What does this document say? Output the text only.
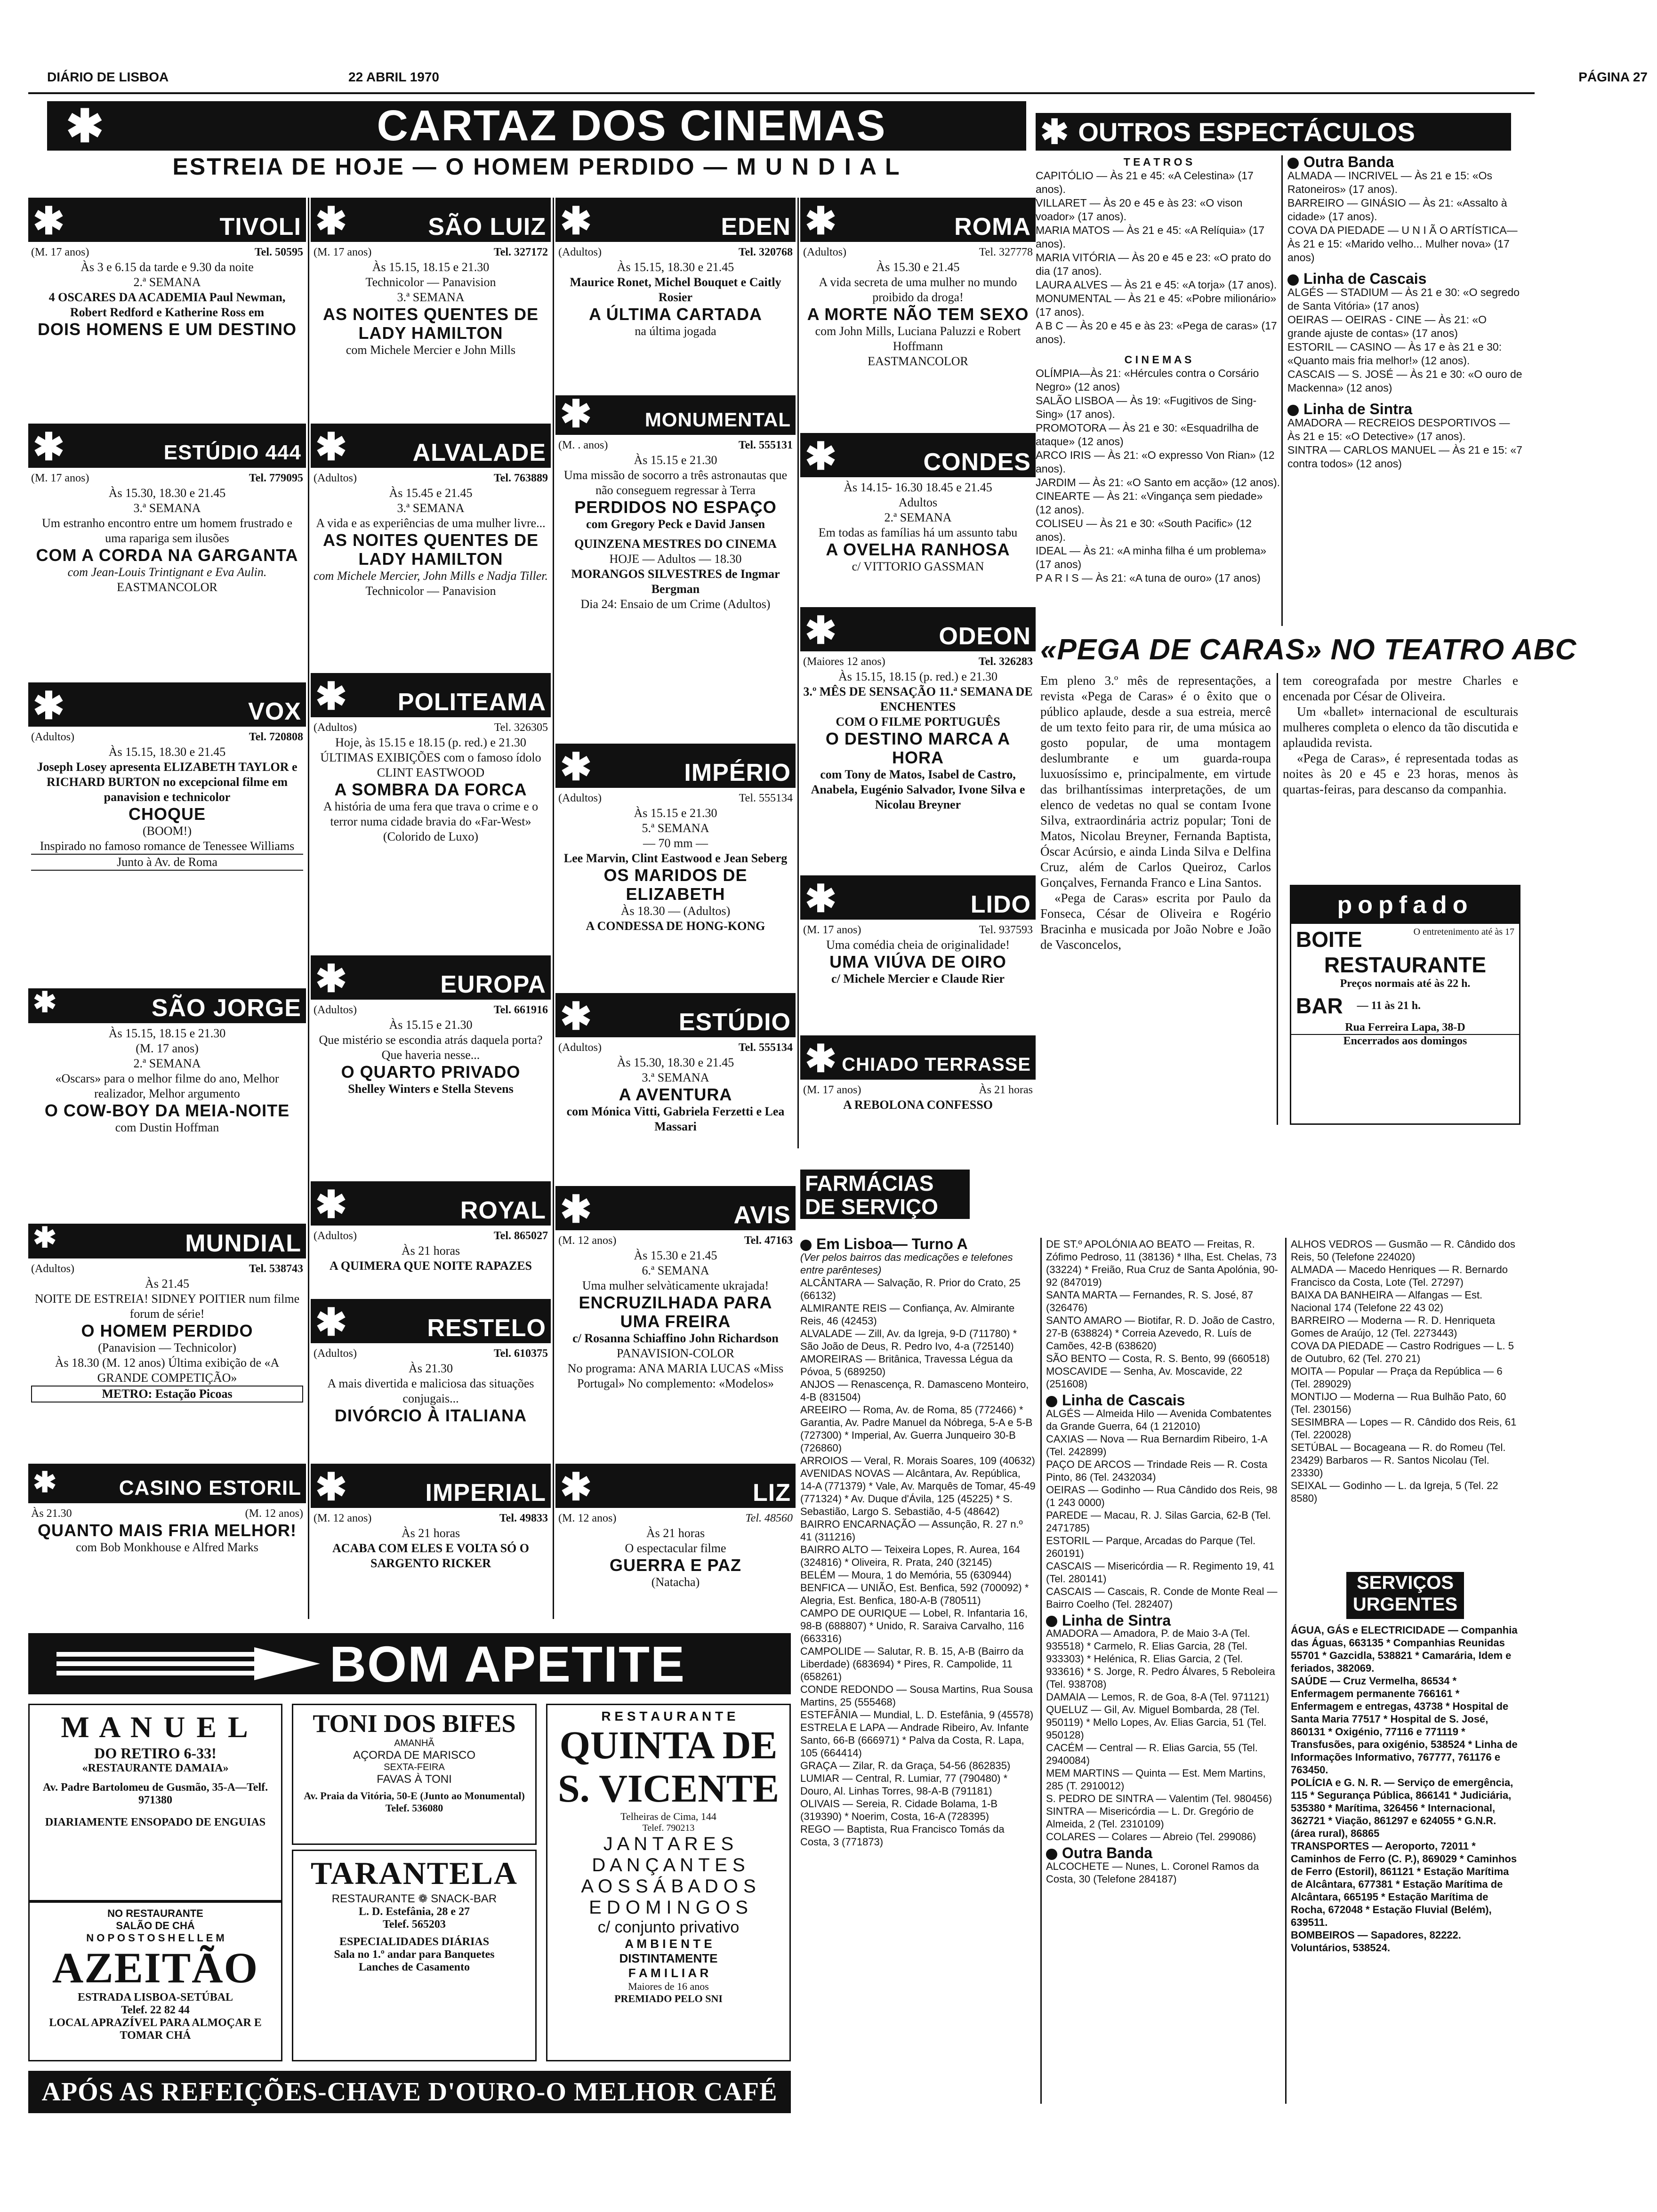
DIÁRIO DE LISBOA	22 ABRIL 1970	PÁGINA 27
✱	CARTAZ DOS CINEMAS
ESTREIA DE HOJE — O HOMEM PERDIDO — M U N D I A L
✱ OUTROS ESPECTÁCULOS
✱	TIVOLI
(M. 17 anos)	Tel. 50595
Às 3 e 6.15 da tarde e 9.30 da noite
2.ª SEMANA
4 OSCARES DA ACADEMIA Paul Newman, Robert Redford e Katherine Ross em
DOIS HOMENS E UM DESTINO
✱	ESTÚDIO 444
(M. 17 anos)	Tel. 779095
Às 15.30, 18.30 e 21.45
3.ª SEMANA
Um estranho encontro entre um homem frustrado e uma rapariga sem ilusões
COM A CORDA NA GARGANTA
com Jean-Louis Trintignant e Eva Aulin.
EASTMANCOLOR
✱	VOX
(Adultos)	Tel. 720808
Às 15.15, 18.30 e 21.45
Joseph Losey apresenta ELIZABETH TAYLOR e RICHARD BURTON no excepcional filme em panavision e technicolor
CHOQUE
(BOOM!)
Inspirado no famoso romance de Tenessee Williams
Junto à Av. de Roma
✱	SÃO JORGE
Às 15.15, 18.15 e 21.30
(M. 17 anos)
2.ª SEMANA
«Oscars» para o melhor filme do ano, Melhor realizador, Melhor argumento
O COW-BOY DA MEIA-NOITE
com Dustin Hoffman
✱	MUNDIAL
(Adultos)	Tel. 538743
Às 21.45
NOITE DE ESTREIA! SIDNEY POITIER num filme forum de série!
O HOMEM PERDIDO
(Panavision — Technicolor)
Às 18.30 (M. 12 anos) Última exibição de «A GRANDE COMPETIÇÃO»
METRO: Estação Picoas
✱	CASINO ESTORIL
Às 21.30	(M. 12 anos)
QUANTO MAIS FRIA MELHOR!
com Bob Monkhouse e Alfred Marks
✱	SÃO LUIZ
(M. 17 anos)	Tel. 327172
Às 15.15, 18.15 e 21.30
Technicolor — Panavision
3.ª SEMANA
AS NOITES QUENTES DE LADY HAMILTON
com Michele Mercier e John Mills
✱	ALVALADE
(Adultos)	Tel. 763889
Às 15.45 e 21.45
3.ª SEMANA
A vida e as experiências de uma mulher livre...
AS NOITES QUENTES DE LADY HAMILTON
com Michele Mercier, John Mills e Nadja Tiller.
Technicolor — Panavision
✱ POLITEAMA
(Adultos)	Tel. 326305
Hoje, às 15.15 e 18.15 (p. red.) e 21.30
ÚLTIMAS EXIBIÇÕES com o famoso ídolo CLINT EASTWOOD
A SOMBRA DA FORCA
A história de uma fera que trava o crime e o terror numa cidade bravia do «Far-West» (Colorido de Luxo)
✱	EUROPA
(Adultos)	Tel. 661916
Às 15.15 e 21.30
Que mistério se escondia atrás daquela porta? Que haveria nesse...
O QUARTO PRIVADO
Shelley Winters e Stella Stevens
✱	ROYAL
(Adultos)	Tel. 865027
Às 21 horas
A QUIMERA QUE NOITE RAPAZES
✱	RESTELO
(Adultos)	Tel. 610375
Às 21.30
A mais divertida e maliciosa das situações conjugais...
DIVÓRCIO À ITALIANA
✱	IMPERIAL
(M. 12 anos)	Tel. 49833
Às 21 horas
ACABA COM ELES E VOLTA SÓ O SARGENTO RICKER
✱	EDEN
(Adultos)	Tel. 320768
Às 15.15, 18.30 e 21.45
Maurice Ronet, Michel Bouquet e Caitly Rosier
A ÚLTIMA CARTADA
na última jogada
✱	MONUMENTAL
(M. . anos)	Tel. 555131
Às 15.15 e 21.30
Uma missão de socorro a três astronautas que não conseguem regressar à Terra
PERDIDOS NO ESPAÇO
com Gregory Peck e David Jansen
QUINZENA MESTRES DO CINEMA
HOJE — Adultos — 18.30
MORANGOS SILVESTRES de Ingmar Bergman
Dia 24: Ensaio de um Crime (Adultos)
✱	IMPÉRIO
(Adultos)	Tel. 555134
Às 15.15 e 21.30
5.ª SEMANA
— 70 mm —
Lee Marvin, Clint Eastwood e Jean Seberg
OS MARIDOS DE ELIZABETH
Às 18.30 — (Adultos)
A CONDESSA DE HONG-KONG
✱	ESTÚDIO
(Adultos)	Tel. 555134
Às 15.30, 18.30 e 21.45
3.ª SEMANA
A AVENTURA
com Mónica Vitti, Gabriela Ferzetti e Lea Massari
✱	AVIS
(M. 12 anos)	Tel. 47163
Às 15.30 e 21.45
6.ª SEMANA
Uma mulher selvàticamente ukrajada!
ENCRUZILHADA PARA UMA FREIRA
c/ Rosanna Schiaffino John Richardson
PANAVISION-COLOR
No programa: ANA MARIA LUCAS «Miss Portugal» No complemento: «Modelos»
✱	LIZ
(M. 12 anos)	Tel. 48560
Às 21 horas
O espectacular filme
GUERRA E PAZ
(Natacha)
✱	ROMA
(Adultos)	Tel. 327778
Às 15.30 e 21.45
A vida secreta de uma mulher no mundo proibido da droga!
A MORTE NÃO TEM SEXO
com John Mills, Luciana Paluzzi e Robert Hoffmann
EASTMANCOLOR
✱	CONDES
Às 14.15- 16.30 18.45 e 21.45
Adultos
2.ª SEMANA
Em todas as famílias há um assunto tabu
A OVELHA RANHOSA
c/ VITTORIO GASSMAN
✱	ODEON
(Maiores 12 anos)	Tel. 326283
Às 15.15, 18.15 (p. red.) e 21.30
3.º MÊS DE SENSAÇÃO 11.ª SEMANA DE ENCHENTES
COM O FILME PORTUGUÊS
O DESTINO MARCA A HORA
com Tony de Matos, Isabel de Castro, Anabela, Eugénio Salvador, Ivone Silva e Nicolau Breyner
✱	LIDO
(M. 17 anos)	Tel. 937593
Uma comédia cheia de originalidade!
UMA VIÚVA DE OIRO
c/ Michele Mercier e Claude Rier
✱ CHIADO TERRASSE
(M. 17 anos)	Às 21 horas
A REBOLONA CONFESSO
T E A T R O S
CAPITÓLIO — Às 21 e 45: «A Celestina» (17 anos).
VILLARET — Às 20 e 45 e às 23: «O vison voador» (17 anos).
MARIA MATOS — Às 21 e 45: «A Relíquia» (17 anos).
MARIA VITÓRIA — Às 20 e 45 e 23: «O prato do dia (17 anos).
LAURA ALVES — Às 21 e 45: «A torja» (17 anos).
MONUMENTAL — Às 21 e 45: «Pobre milionário» (17 anos).
A B C — Às 20 e 45 e às 23: «Pega de caras» (17 anos).
C I N E M A S
OLÍMPIA—Às 21: «Hércules contra o Corsário Negro» (12 anos)
SALÃO LISBOA — Às 19: «Fugitivos de Sing-Sing» (17 anos).
PROMOTORA — Às 21 e 30: «Esquadrilha de ataque» (12 anos)
ARCO IRIS — Às 21: «O expresso Von Rian» (12 anos).
JARDIM — Às 21: «O Santo em acção» (12 anos).
CINEARTE — Às 21: «Vingança sem piedade» (12 anos).
COLISEU — Às 21 e 30: «South Pacific» (12 anos).
IDEAL — Às 21: «A minha filha é um problema» (17 anos)
P A R I S — Às 21: «A tuna de ouro» (17 anos)
Outra Banda
ALMADA — INCRIVEL — Às 21 e 15: «Os Ratoneiros» (17 anos).
BARREIRO — GINÁSIO — Às 21: «Assalto à cidade» (17 anos).
COVA DA PIEDADE — U N I Ã O ARTÍSTICA—Às 21 e 15: «Marido velho... Mulher nova» (17 anos)
Linha de Cascais
ALGÉS — STADIUM — Às 21 e 30: «O segredo de Santa Vitória» (17 anos)
OEIRAS — OEIRAS - CINE — Às 21: «O grande ajuste de contas» (17 anos)
ESTORIL — CASINO — Às 17 e às 21 e 30: «Quanto mais fria melhor!» (12 anos).
CASCAIS — S. JOSÉ — Às 21 e 30: «O ouro de Mackenna» (12 anos)
Linha de Sintra
AMADORA — RECREIOS DESPORTIVOS — Às 21 e 15: «O Detective» (17 anos).
SINTRA — CARLOS MANUEL — Às 21 e 15: «7 contra todos» (12 anos)
«PEGA DE CARAS» NO TEATRO ABC
Em pleno 3.º mês de representações, a revista «Pega de Caras» é o êxito que o público aplaude, desde a sua estreia, mercê de um texto feito para rir, de uma música ao gosto popular, de uma montagem deslumbrante e um guarda-roupa luxuosíssimo e, principalmente, em virtude das brilhantíssimas interpretações, de um elenco de vedetas no qual se contam Ivone Silva, extraordinária actriz popular; Toni de Matos, Nicolau Breyner, Fernanda Baptista, Óscar Acúrsio, e ainda Linda Silva e Delfina Cruz, além de Carlos Queiroz, Carlos Gonçalves, Fernanda Franco e Lina Santos.
«Pega de Caras» escrita por Paulo da Fonseca, César de Oliveira e Rogério Bracinha e musicada por João Nobre e João de Vasconcelos,
tem coreografada por mestre Charles e encenada por César de Oliveira.
Um «ballet» internacional de esculturais mulheres completa o elenco da tão discutida e aplaudida revista.
«Pega de Caras», é representada todas as noites às 20 e 45 e 23 horas, menos às quartas-feiras, para descanso da companhia.
popfado
BOITE	O entretenimento até às 17
RESTAURANTE
Preços normais até às 22 h.
BAR — 11 às 21 h.
Rua Ferreira Lapa, 38-D
Encerrados aos domingos
FARMÁCIAS DE SERVIÇO
Em Lisboa— Turno A
(Ver pelos bairros das medicações e telefones entre parênteses)
ALCÂNTARA — Salvação, R. Prior do Crato, 25 (66132)
ALMIRANTE REIS — Confiança, Av. Almirante Reis, 46 (42453)
ALVALADE — Zill, Av. da Igreja, 9-D (711780) * São João de Deus, R. Pedro Ivo, 4-a (725140)
AMOREIRAS — Britânica, Travessa Légua da Póvoa, 5 (689250)
ANJOS — Renascença, R. Damasceno Monteiro, 4-B (831504)
AREEIRO — Roma, Av. de Roma, 85 (772466) * Garantia, Av. Padre Manuel da Nóbrega, 5-A e 5-B (727300) * Imperial, Av. Guerra Junqueiro 30-B (726860)
ARROIOS — Veral, R. Morais Soares, 109 (40632)
AVENIDAS NOVAS — Alcântara, Av. República, 14-A (771379) * Vale, Av. Marquês de Tomar, 45-49 (771324) * Av. Duque d'Ávila, 125 (45225) * S. Sebastião, Largo S. Sebastião, 4-5 (48642)
BAIRRO ENCARNAÇÃO — Assunção, R. 27 n.º 41 (311216)
BAIRRO ALTO — Teixeira Lopes, R. Aurea, 164 (324816) * Oliveira, R. Prata, 240 (32145)
BELÉM — Moura, 1 do Memória, 55 (630944)
BENFICA — UNIÃO, Est. Benfica, 592 (700092) * Alegria, Est. Benfica, 180-A-B (780511)
CAMPO DE OURIQUE — Lobel, R. Infantaria 16, 98-B (688807) * Unido, R. Saraiva Carvalho, 116 (663316)
CAMPOLIDE — Salutar, R. B. 15, A-B (Bairro da Liberdade) (683694) * Pires, R. Campolide, 11 (658261)
CONDE REDONDO — Sousa Martins, Rua Sousa Martins, 25 (555468)
ESTEFÂNIA — Mundial, L. D. Estefânia, 9 (45578)
ESTRELA E LAPA — Andrade Ribeiro, Av. Infante Santo, 66-B (666971) * Palva da Costa, R. Lapa, 105 (664414)
GRAÇA — Zilar, R. da Graça, 54-56 (862835)
LUMIAR — Central, R. Lumiar, 77 (790480) * Douro, Al. Linhas Torres, 98-A-B (791181)
OLIVAIS — Sereia, R. Cidade Bolama, 1-B (319390) * Noerim, Costa, 16-A (728395)
REGO — Baptista, Rua Francisco Tomás da Costa, 3 (771873)
DE ST.º APOLÓNIA AO BEATO — Freitas, R. Zófimo Pedroso, 11 (38136) * Ilha, Est. Chelas, 73 (33224) * Freião, Rua Cruz de Santa Apolónia, 90-92 (847019)
SANTA MARTA — Fernandes, R. S. José, 87 (326476)
SANTO AMARO — Biotifar, R. D. João de Castro, 27-B (638824) * Correia Azevedo, R. Luís de Camões, 42-B (638620)
SÃO BENTO — Costa, R. S. Bento, 99 (660518)
MOSCAVIDE — Senha, Av. Moscavide, 22 (251608)
Linha de Cascais
ALGÉS — Almeida Hilo — Avenida Combatentes da Grande Guerra, 64 (1 212010)
CAXIAS — Nova — Rua Bernardim Ribeiro, 1-A (Tel. 242899)
PAÇO DE ARCOS — Trindade Reis — R. Costa Pinto, 86 (Tel. 2432034)
OEIRAS — Godinho — Rua Cândido dos Reis, 98 (1 243 0000)
PAREDE — Macau, R. J. Silas Garcia, 62-B (Tel. 2471785)
ESTORIL — Parque, Arcadas do Parque (Tel. 260191)
CASCAIS — Misericórdia — R. Regimento 19, 41 (Tel. 280141)
CASCAIS — Cascais, R. Conde de Monte Real — Bairro Coelho (Tel. 282407)
Linha de Sintra
AMADORA — Amadora, P. de Maio 3-A (Tel. 935518) * Carmelo, R. Elias Garcia, 28 (Tel. 933303) * Helénica, R. Elias Garcia, 2 (Tel. 933616) * S. Jorge, R. Pedro Álvares, 5 Reboleira (Tel. 938708)
DAMAIA — Lemos, R. de Goa, 8-A (Tel. 971121)
QUELUZ — Gil, Av. Miguel Bombarda, 28 (Tel. 950119) * Mello Lopes, Av. Elias Garcia, 51 (Tel. 950128)
CACÉM — Central — R. Elias Garcia, 55 (Tel. 2940084)
MEM MARTINS — Quinta — Est. Mem Martins, 285 (T. 2910012)
S. PEDRO DE SINTRA — Valentim (Tel. 980456)
SINTRA — Misericórdia — L. Dr. Gregório de Almeida, 2 (Tel. 2310109)
COLARES — Colares — Abreio (Tel. 299086)
Outra Banda
ALCOCHETE — Nunes, L. Coronel Ramos da Costa, 30 (Telefone 284187)
ALHOS VEDROS — Gusmão — R. Cândido dos Reis, 50 (Telefone 224020)
ALMADA — Macedo Henriques — R. Bernardo Francisco da Costa, Lote (Tel. 27297)
BAIXA DA BANHEIRA — Alfangas — Est. Nacional 174 (Telefone 22 43 02)
BARREIRO — Moderna — R. D. Henriqueta Gomes de Araújo, 12 (Tel. 2273443)
COVA DA PIEDADE — Castro Rodrigues — L. 5 de Outubro, 62 (Tel. 270 21)
MOITA — Popular — Praça da República — 6 (Tel. 289029)
MONTIJO — Moderna — Rua Bulhão Pato, 60 (Tel. 230156)
SESIMBRA — Lopes — R. Cândido dos Reis, 61 (Tel. 220028)
SETÚBAL — Bocageana — R. do Romeu (Tel. 23429) Barbaros — R. Santos Nicolau (Tel. 23330)
SEIXAL — Godinho — L. da Igreja, 5 (Tel. 22 8580)
SERVIÇOS URGENTES
ÁGUA, GÁS e ELECTRICIDADE — Companhia das Águas, 663135 * Companhias Reunidas 55701 * Gazcidla, 538821 * Camarária, Idem e feriados, 382069.
SAÚDE — Cruz Vermelha, 86534 * Enfermagem permanente 766161 * Enfermagem e entregas, 43738 * Hospital de Santa Maria 77517 * Hospital de S. José, 860131 * Oxigénio, 77116 e 771119 * Transfusões, para oxigénio, 538524 * Linha de Informações Informativo, 767777, 761176 e 763450.
POLÍCIA e G. N. R. — Serviço de emergência, 115 * Segurança Pública, 866141 * Judiciária, 535380 * Marítima, 326456 * Internacional, 362721 * Viação, 861297 e 624055 * G.N.R. (área rural), 86865
TRANSPORTES — Aeroporto, 72011 * Caminhos de Ferro (C. P.), 869029 * Caminhos de Ferro (Estoril), 861121 * Estação Marítima de Alcântara, 677381 * Estação Marítima de Alcântara, 665195 * Estação Marítima de Rocha, 672048 * Estação Fluvial (Belém), 639511.
BOMBEIROS — Sapadores, 82222. Voluntários, 538524.
BOM APETITE
M A N U E L
DO RETIRO 6-33!
«RESTAURANTE DAMAIA»
Av. Padre Bartolomeu de Gusmão, 35-A—Telf. 971380
DIARIAMENTE ENSOPADO DE ENGUIAS
NO RESTAURANTE
SALÃO DE CHÁ
N O P O S T O S H E L L E M
AZEITÃO
ESTRADA LISBOA-SETÚBAL
Telef. 22 82 44
LOCAL APRAZÍVEL PARA ALMOÇAR E TOMAR CHÁ
TONI DOS BIFES
AMANHÃ
AÇORDA DE MARISCO
SEXTA-FEIRA
FAVAS À TONI
Av. Praia da Vitória, 50-E (Junto ao Monumental)
Telef. 536080
TARANTELA
RESTAURANTE ❁ SNACK-BAR
L. D. Estefânia, 28 e 27
Telef. 565203
ESPECIALIDADES DIÁRIAS
Sala no 1.º andar para Banquetes
Lanches de Casamento
R E S T A U R A N T E
QUINTA DE S. VICENTE
Telheiras de Cima, 144
Telef. 790213
J A N T A R E S
D A N Ç A N T E S
A O S S Á B A D O S
E D O M I N G O S
c/ conjunto privativo
A M B I E N T E
DISTINTAMENTE
F A M I L I A R
Maiores de 16 anos
PREMIADO PELO SNI
APÓS AS REFEIÇÕES-CHAVE D'OURO-O MELHOR CAFÉ
